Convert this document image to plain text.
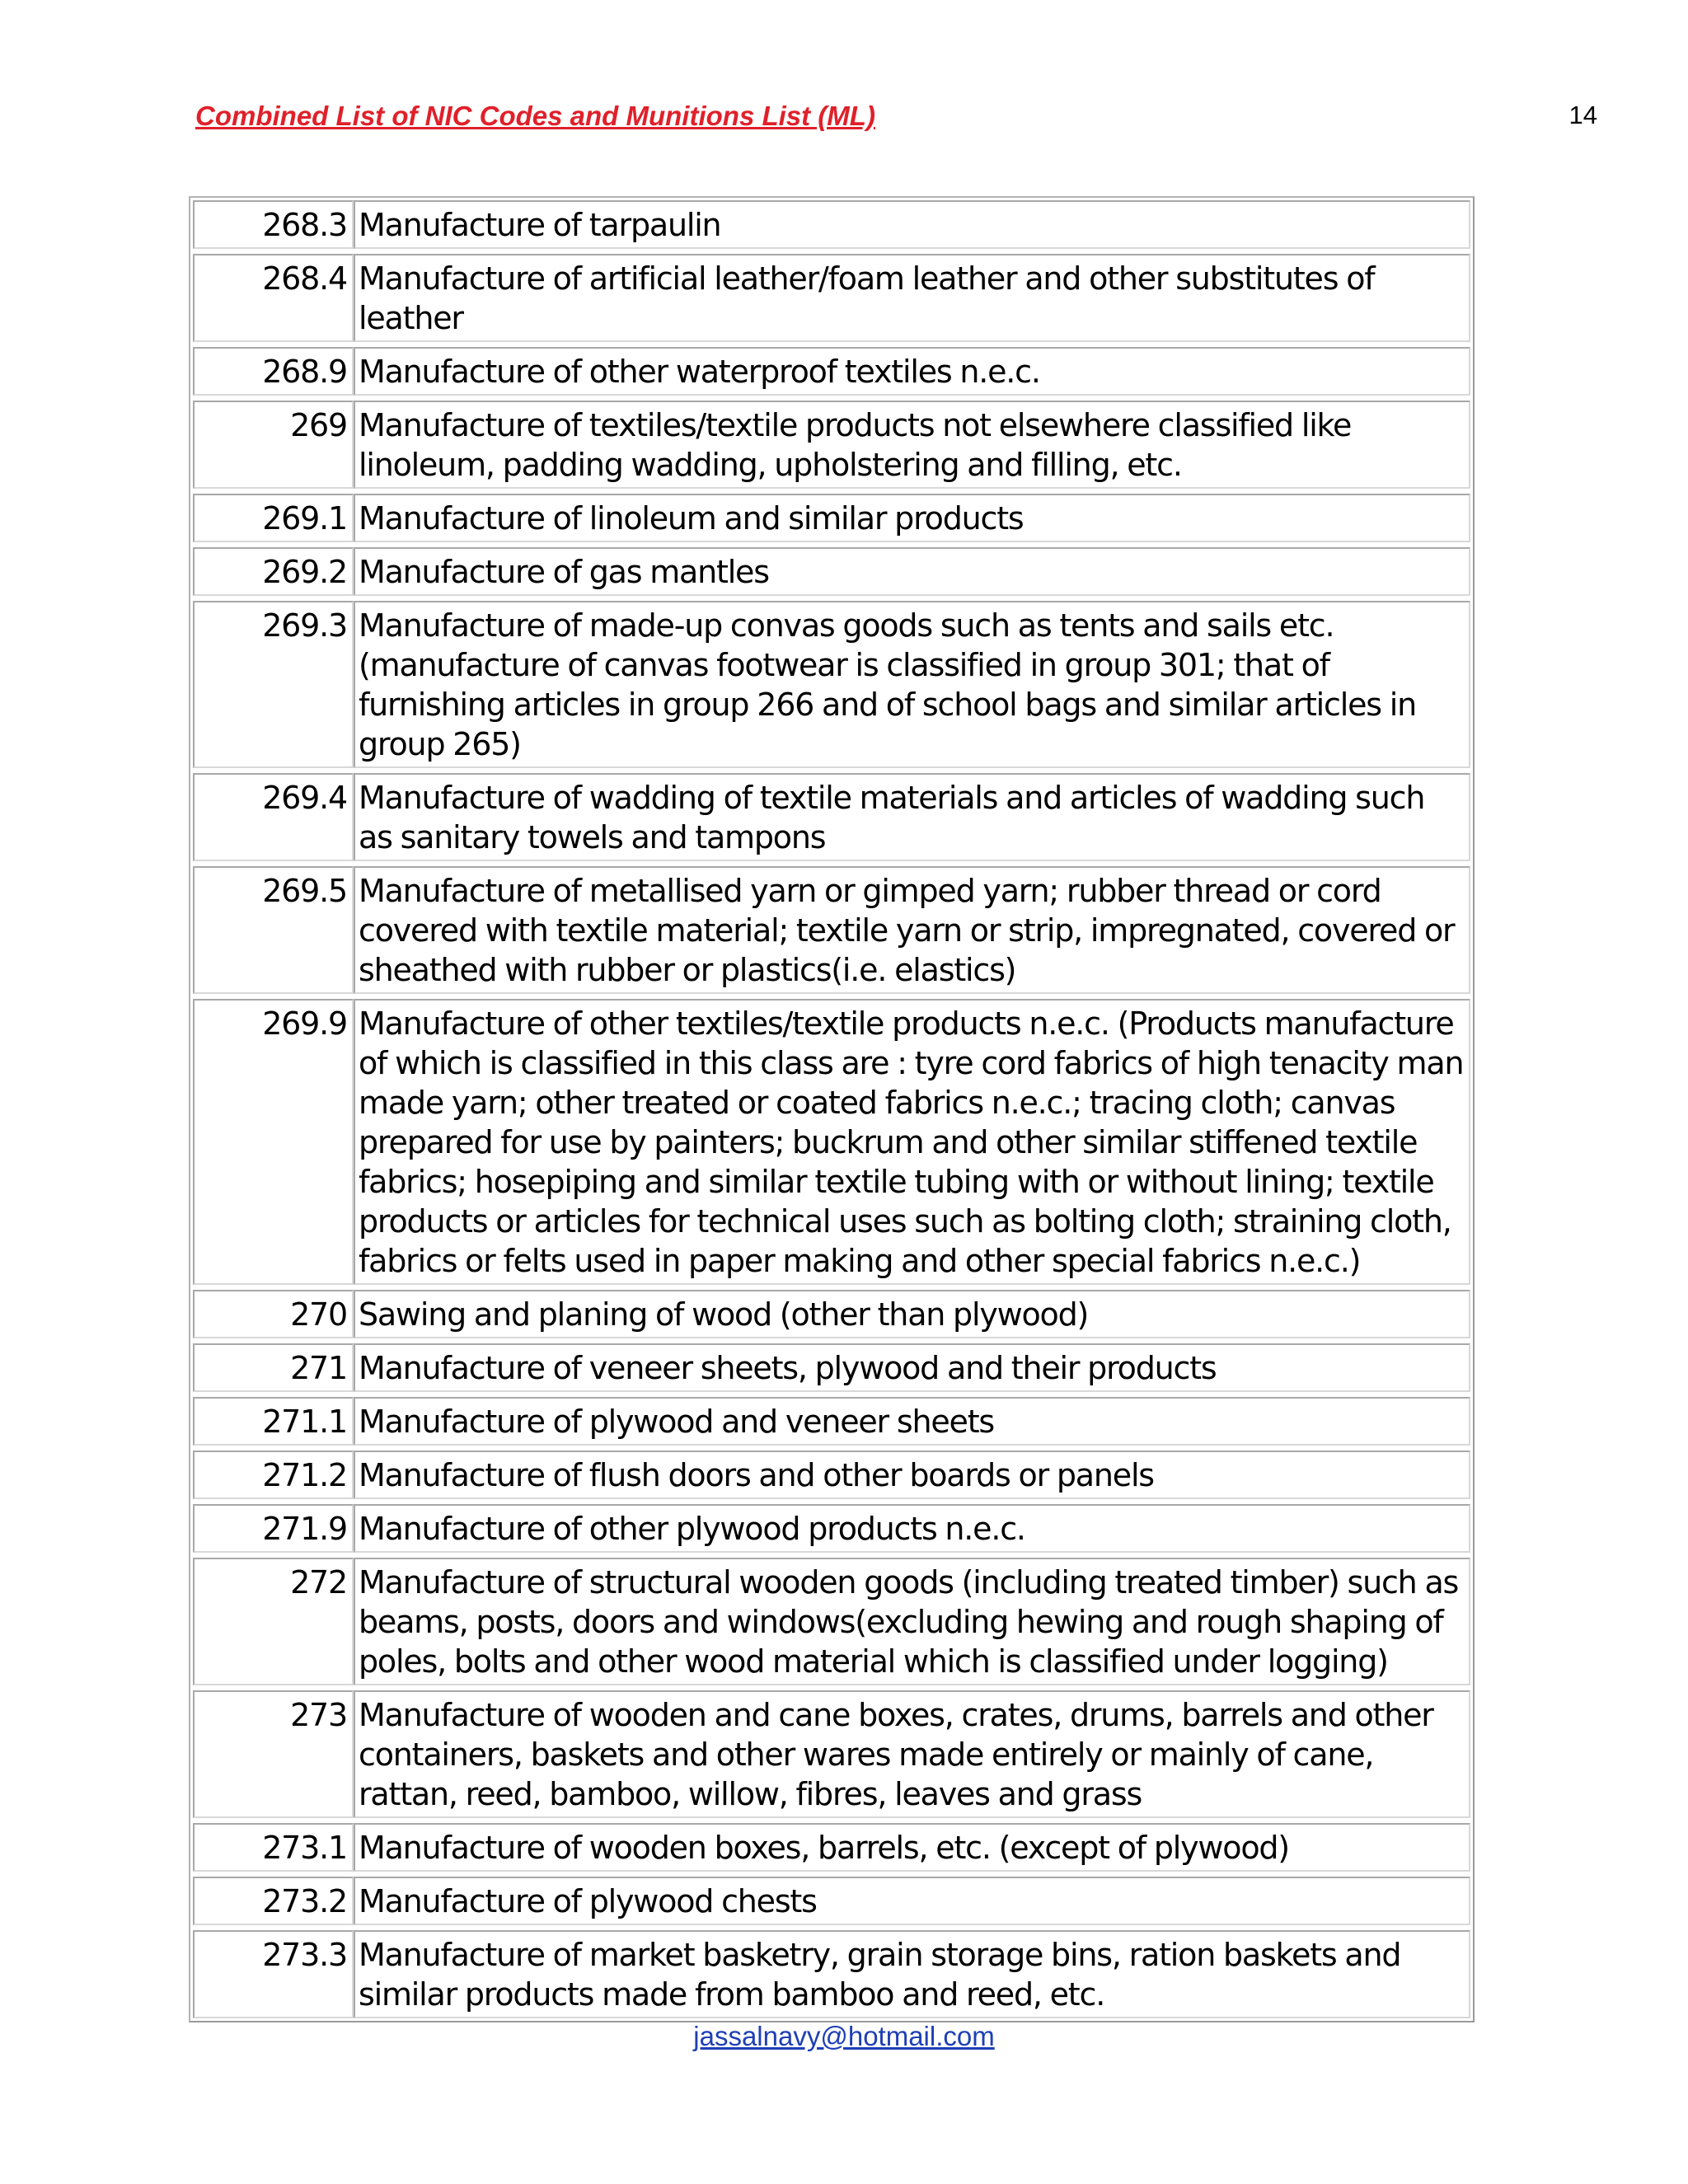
Combined List of NIC Codes and Munitions List (ML)	14
268.3	Manufacture of tarpaulin
268.4	Manufacture of artificial leather/foam leather and other substitutes of leather
268.9	Manufacture of other waterproof textiles n.e.c.
269	Manufacture of textiles/textile products not elsewhere classified like linoleum, padding wadding, upholstering and filling, etc.
269.1	Manufacture of linoleum and similar products
269.2	Manufacture of gas mantles
269.3	Manufacture of made-up convas goods such as tents and sails etc.(manufacture of canvas footwear is classified in group 301; that of furnishing articles in group 266 and of school bags and similar articles in group 265)
269.4	Manufacture of wadding of textile materials and articles of wadding such as sanitary towels and tampons
269.5	Manufacture of metallised yarn or gimped yarn; rubber thread or cord covered with textile material; textile yarn or strip, impregnated, covered or sheathed with rubber or plastics(i.e. elastics)
269.9	Manufacture of other textiles/textile products n.e.c. (Products manufacture of which is classified in this class are : tyre cord fabrics of high tenacity man made yarn; other treated or coated fabrics n.e.c.; tracing cloth; canvas prepared for use by painters; buckrum and other similar stiffened textile fabrics; hosepiping and similar textile tubing with or without lining; textile products or articles for technical uses such as bolting cloth; straining cloth, fabrics or felts used in paper making and other special fabrics n.e.c.)
270	Sawing and planing of wood (other than plywood)
271	Manufacture of veneer sheets, plywood and their products
271.1	Manufacture of plywood and veneer sheets
271.2	Manufacture of flush doors and other boards or panels
271.9	Manufacture of other plywood products n.e.c.
272	Manufacture of structural wooden goods (including treated timber) such as beams, posts, doors and windows(excluding hewing and rough shaping of poles, bolts and other wood material which is classified under logging)
273	Manufacture of wooden and cane boxes, crates, drums, barrels and other containers, baskets and other wares made entirely or mainly of cane, rattan, reed, bamboo, willow, fibres, leaves and grass
273.1	Manufacture of wooden boxes, barrels, etc. (except of plywood)
273.2	Manufacture of plywood chests
273.3	Manufacture of market basketry, grain storage bins, ration baskets and similar products made from bamboo and reed, etc.
jassalnavy@hotmail.com
